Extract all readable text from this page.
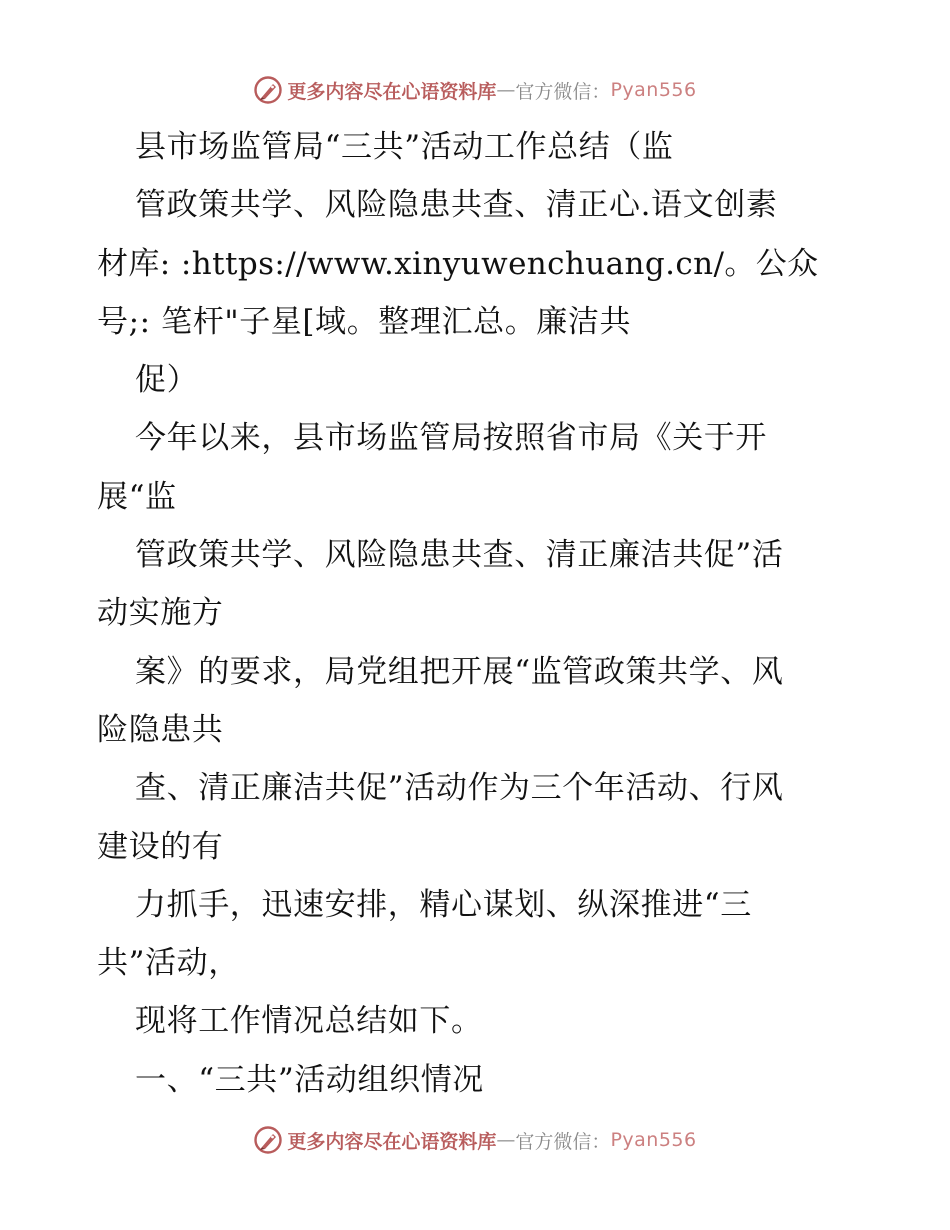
更多内容尽在心语资料库 — 官方微信： Pyan556
县市场监管局“三共”活动工作总结（监
管政策共学、风险隐患共查、清正心.语文创素
材库: :https://www.xinyuwenchuang.cn/。公众
号;: 笔杆"子星[域。整理汇总。廉洁共
促）
今年以来，县市场监管局按照省市局《关于开
展“监
管政策共学、风险隐患共查、清正廉洁共促”活
动实施方
案》的要求，局党组把开展“监管政策共学、风
险隐患共
查、清正廉洁共促”活动作为三个年活动、行风
建设的有
力抓手，迅速安排，精心谋划、纵深推进“三
共”活动，
现将工作情况总结如下。
一、“三共”活动组织情况
更多内容尽在心语资料库 — 官方微信： Pyan556
